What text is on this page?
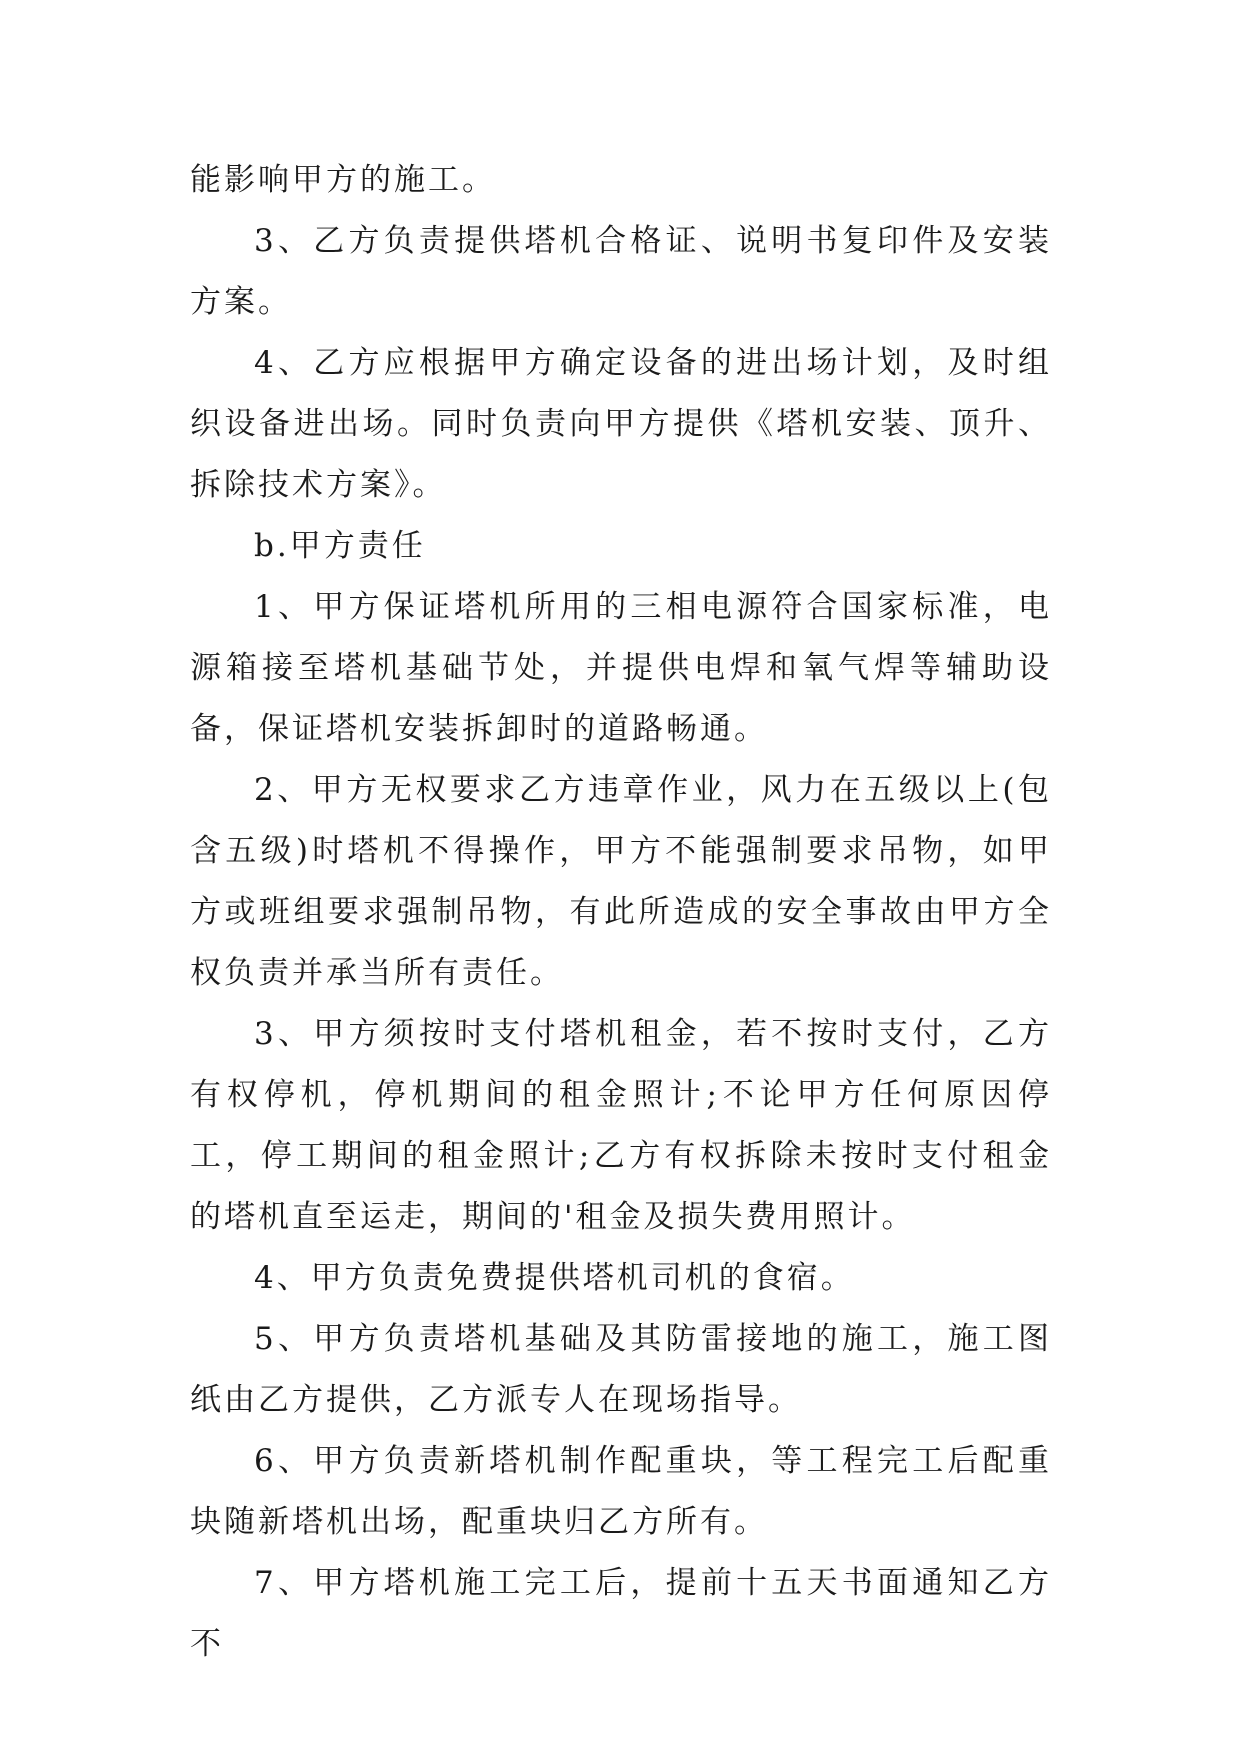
能影响甲方的施工。

3、乙方负责提供塔机合格证、说明书复印件及安装方案。

4、乙方应根据甲方确定设备的进出场计划，及时组织设备进出场。同时负责向甲方提供《塔机安装、顶升、拆除技术方案》。

b.甲方责任

1、甲方保证塔机所用的三相电源符合国家标准，电源箱接至塔机基础节处，并提供电焊和氧气焊等辅助设备，保证塔机安装拆卸时的道路畅通。

2、甲方无权要求乙方违章作业，风力在五级以上(包含五级)时塔机不得操作，甲方不能强制要求吊物，如甲方或班组要求强制吊物，有此所造成的安全事故由甲方全权负责并承当所有责任。

3、甲方须按时支付塔机租金，若不按时支付，乙方有权停机，停机期间的租金照计;不论甲方任何原因停工，停工期间的租金照计;乙方有权拆除未按时支付租金的塔机直至运走，期间的'租金及损失费用照计。

4、甲方负责免费提供塔机司机的食宿。

5、甲方负责塔机基础及其防雷接地的施工，施工图纸由乙方提供，乙方派专人在现场指导。

6、甲方负责新塔机制作配重块，等工程完工后配重块随新塔机出场，配重块归乙方所有。

7、甲方塔机施工完工后，提前十五天书面通知乙方不
